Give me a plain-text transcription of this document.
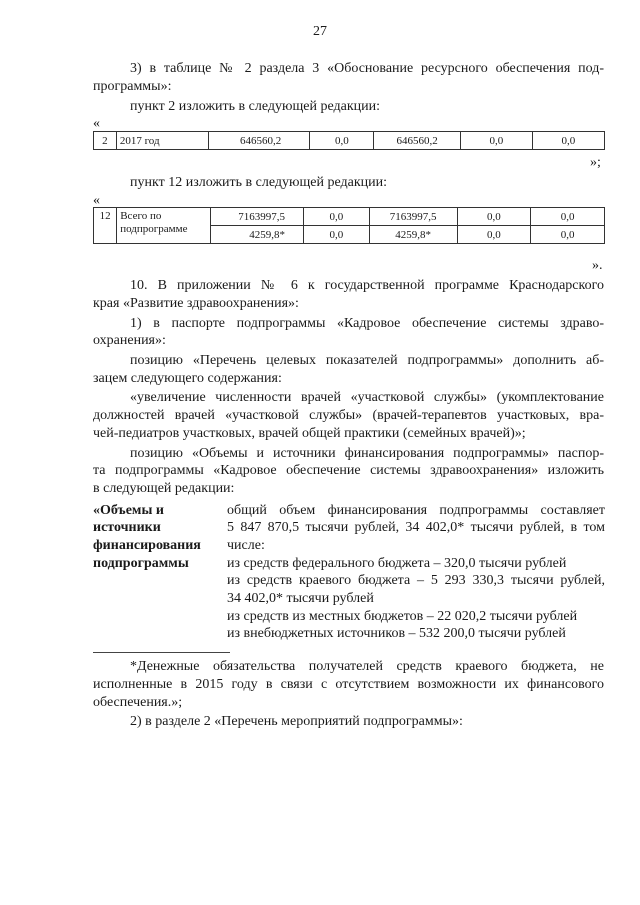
27
3) в таблице № 2 раздела 3 «Обоснование ресурсного обеспечения под-
программы»:
пункт 2 изложить в следующей редакции:
«
2	2017 год	646560,2	0,0	646560,2	0,0	0,0
»;
пункт 12 изложить в следующей редакции:
«
12	Всего по подпрограмме	7163997,5	0,0	7163997,5	0,0	0,0
		4259,8*	0,0	4259,8*	0,0	0,0
».
10. В приложении № 6 к государственной программе Краснодарского
края «Развитие здравоохранения»:
1) в паспорте подпрограммы «Кадровое обеспечение системы здраво-
охранения»:
позицию «Перечень целевых показателей подпрограммы» дополнить аб-
зацем следующего содержания:
«увеличение численности врачей «участковой службы» (укомплектование
должностей врачей «участковой службы» (врачей-терапевтов участковых, вра-
чей-педиатров участковых, врачей общей практики (семейных врачей)»;
позицию «Объемы и источники финансирования подпрограммы» паспор-
та подпрограммы «Кадровое обеспечение системы здравоохранения» изложить
в следующей редакции:
«Объемы и
источники
финансирования
подпрограммы
общий объем финансирования подпрограммы составляет
5 847 870,5 тысячи рублей, 34 402,0* тысячи рублей, в том
числе:
из средств федерального бюджета – 320,0 тысячи рублей
из средств краевого бюджета – 5 293 330,3 тысячи рублей,
34 402,0* тысячи рублей
из средств из местных бюджетов – 22 020,2 тысячи рублей
из внебюджетных источников – 532 200,0 тысячи рублей
*Денежные обязательства получателей средств краевого бюджета, не
исполненные в 2015 году в связи с отсутствием возможности их финансового
обеспечения.»;
2) в разделе 2 «Перечень мероприятий подпрограммы»:
